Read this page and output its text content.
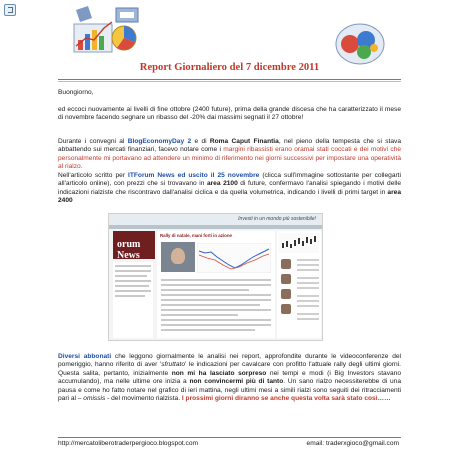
Report Giornaliero del 7 dicembre 2011
Buongiorno,
ed eccoci nuovamente ai livelli di fine ottobre (2400 future), prima della grande discesa che ha caratterizzato il mese di novembre facendo segnare un ribasso del -20% dai massimi segnati il 27 ottobre!
Durante i convegni al BlogEconomyDay 2 e di Roma Caput Finantia, nel pieno della tempesta che si stava abbattendo sui mercati finanziari, facevo notare come i margini ribassisti erano oramai stati coccati e dei motivi che personalmente mi portavano ad attendere un minimo di riferimento nei giorni successivi per impostare una operatività al rialzo.
Nell'articolo scritto per ITForum News ed uscito il 25 novembre (clicca sull'immagine sottostante per collegarti all'articolo online), con prezzi che si trovavano in area 2100 di future, confermavo l'analisi spiegando i motivi delle indicazioni rialziste che riscontravo dall'analisi ciclica e da quella volumetrica, indicando i livelli di primi target in area 2400
Investi in un mondo più sostenibile!
orum News
Rally di natale, mani forti in azione
Diversi abbonati che leggono giornalmente le analisi nei report, approfondite durante le videoconferenze del pomeriggio, hanno riferito di aver 'sfruttato' le indicazioni per cavalcare con profitto l'attuale rally degli ultimi giorni. Questa salita, pertanto, inizialmente non mi ha lasciato sorpreso nei tempi e modi (i Big Investors stavano accumulando), ma nelle ultime ore inizia a non convincermi più di tanto. Un sano rialzo necessiterebbe di una pausa e come ho fatto notare nel grafico di ieri mattina, negli ultimi mesi a simili rialzi sono seguiti dei ritracciamenti pari al – omissis - del movimento rialzista. I prossimi giorni diranno se anche questa volta sarà stato così……
http://mercatoliberotraderpergioco.blogspot.com	email: traderxgioco@gmail.com
